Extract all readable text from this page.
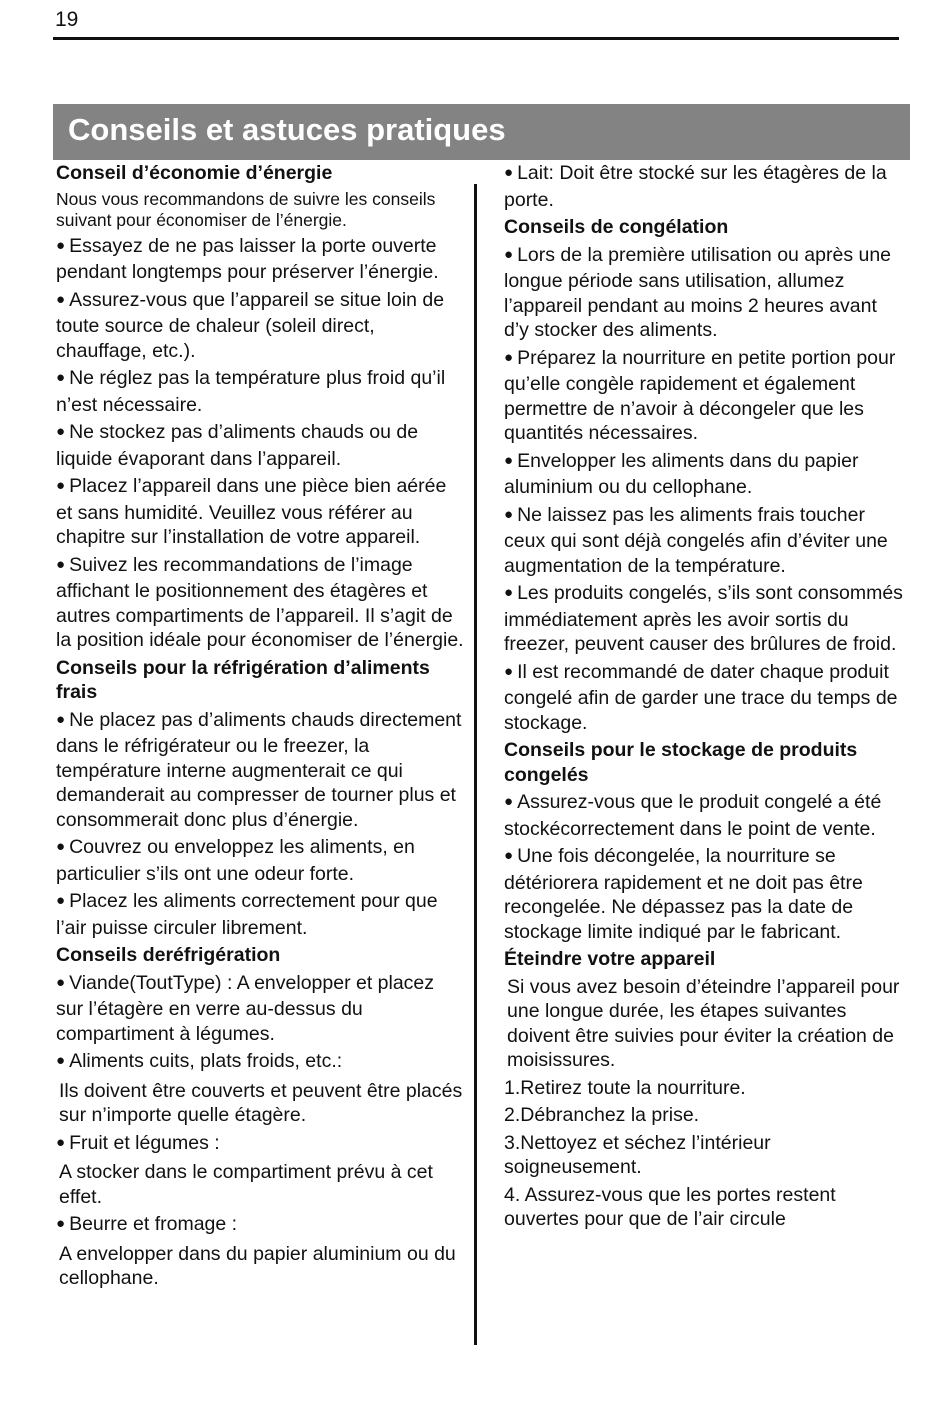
19
Conseils et astuces pratiques
Conseil d’économie d’énergie
Nous vous recommandons de suivre les conseils suivant pour économiser de l’énergie.
● Essayez de ne pas laisser la porte ouverte pendant longtemps pour préserver l’énergie.
● Assurez-vous que l’appareil se situe loin de toute source de chaleur (soleil direct, chauffage, etc.).
● Ne réglez pas la température plus froid qu’il n’est nécessaire.
● Ne stockez pas d’aliments chauds ou de liquide évaporant dans l’appareil.
● Placez l’appareil dans une pièce bien aérée et sans humidité. Veuillez vous référer au chapitre sur l’installation de votre appareil.
● Suivez les recommandations de l’image affichant le positionnement des étagères et autres compartiments de l’appareil. Il s’agit de la position idéale pour économiser de l’énergie.
Conseils pour la réfrigération d’aliments frais
● Ne placez pas d’aliments chauds directement dans le réfrigérateur ou le freezer, la température interne augmenterait ce qui demanderait au compresser de tourner plus et consommerait donc plus d’énergie.
● Couvrez ou enveloppez les aliments, en particulier s’ils ont une odeur forte.
● Placez les aliments correctement pour que l’air puisse circuler librement.
Conseils deréfrigération
● Viande(ToutType) : A envelopper et placez sur l’étagère en verre au-dessus du compartiment à légumes.
● Aliments cuits, plats froids, etc.:
Ils doivent être couverts et peuvent être placés sur n’importe quelle étagère.
● Fruit et légumes :
A stocker dans le compartiment prévu à cet effet.
● Beurre et fromage :
A envelopper dans du papier aluminium ou du cellophane.
● Lait: Doit être stocké sur les étagères de la porte.
Conseils de congélation
● Lors de la première utilisation ou après une longue période sans utilisation, allumez l’appareil pendant au moins 2 heures avant d’y stocker des aliments.
● Préparez la nourriture en petite portion pour qu’elle congèle rapidement et également permettre de n’avoir à décongeler que les quantités nécessaires.
● Envelopper les aliments dans du papier aluminium ou du cellophane.
● Ne laissez pas les aliments frais toucher ceux qui sont déjà congelés afin d’éviter une augmentation de la température.
● Les produits congelés, s’ils sont consommés immédiatement après les avoir sortis du freezer, peuvent causer des brûlures de froid.
● Il est recommandé de dater chaque produit congelé afin de garder une trace du temps de stockage.
Conseils pour le stockage de produits congelés
● Assurez-vous que le produit congelé a été stockécorrectement dans le point de vente.
● Une fois décongelée, la nourriture se détériorera rapidement et ne doit pas être recongelée. Ne dépassez pas la date de stockage limite indiqué par le fabricant.
Éteindre votre appareil
Si vous avez besoin d’éteindre l’appareil pour une longue durée, les étapes suivantes doivent être suivies pour éviter la création de moisissures.
1.Retirez toute la nourriture.
2.Débranchez la prise.
3.Nettoyez et séchez l’intérieur soigneusement.
4. Assurez-vous que les portes restent ouvertes pour que de l’air circule
